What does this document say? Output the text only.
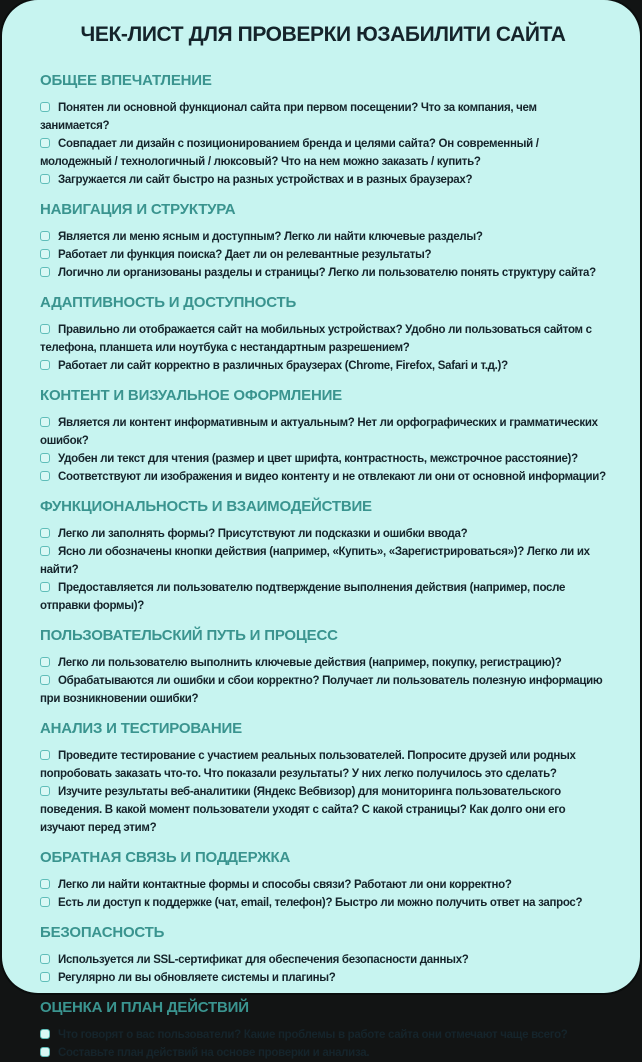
ЧЕК-ЛИСТ ДЛЯ ПРОВЕРКИ ЮЗАБИЛИТИ САЙТА
ОБЩЕЕ ВПЕЧАТЛЕНИЕ

Понятен ли основной функционал сайта при первом посещении? Что за компания, чем занимается?

Совпадает ли дизайн с позиционированием бренда и целями сайта? Он современный / молодежный / технологичный / люксовый? Что на нем можно заказать / купить?

Загружается ли сайт быстро на разных устройствах и в разных браузерах?

НАВИГАЦИЯ И СТРУКТУРА

Является ли меню ясным и доступным? Легко ли найти ключевые разделы?

Работает ли функция поиска? Дает ли он релевантные результаты?

Логично ли организованы разделы и страницы? Легко ли пользователю понять структуру сайта?

АДАПТИВНОСТЬ И ДОСТУПНОСТЬ

Правильно ли отображается сайт на мобильных устройствах? Удобно ли пользоваться сайтом с телефона, планшета или ноутбука с нестандартным разрешением?

Работает ли сайт корректно в различных браузерах (Chrome, Firefox, Safari и т.д.)?

КОНТЕНТ И ВИЗУАЛЬНОЕ ОФОРМЛЕНИЕ

Является ли контент информативным и актуальным? Нет ли орфографических и грамматических ошибок?

Удобен ли текст для чтения (размер и цвет шрифта, контрастность, межстрочное расстояние)?

Соответствуют ли изображения и видео контенту и не отвлекают ли они от основной информации?

ФУНКЦИОНАЛЬНОСТЬ И ВЗАИМОДЕЙСТВИЕ

Легко ли заполнять формы? Присутствуют ли подсказки и ошибки ввода?

Ясно ли обозначены кнопки действия (например, «Купить», «Зарегистрироваться»)? Легко ли их найти?

Предоставляется ли пользователю подтверждение выполнения действия (например, после отправки формы)?

ПОЛЬЗОВАТЕЛЬСКИЙ ПУТЬ И ПРОЦЕСС

Легко ли пользователю выполнить ключевые действия (например, покупку, регистрацию)?

Обрабатываются ли ошибки и сбои корректно? Получает ли пользователь полезную информацию при возникновении ошибки?

АНАЛИЗ И ТЕСТИРОВАНИЕ

Проведите тестирование с участием реальных пользователей. Попросите друзей или родных попробовать заказать что-то. Что показали результаты? У них легко получилось это сделать?

Изучите результаты веб-аналитики (Яндекс Вебвизор) для мониторинга пользовательского поведения. В какой момент пользователи уходят с сайта? С какой страницы? Как долго они его изучают перед этим?

ОБРАТНАЯ СВЯЗЬ И ПОДДЕРЖКА

Легко ли найти контактные формы и способы связи? Работают ли они корректно?

Есть ли доступ к поддержке (чат, email, телефон)? Быстро ли можно получить ответ на запрос?

БЕЗОПАСНОСТЬ

Используется ли SSL-сертификат для обеспечения безопасности данных?

Регулярно ли вы обновляете системы и плагины?

ОЦЕНКА И ПЛАН ДЕЙСТВИЙ

Что говорят о вас пользователи? Какие проблемы в работе сайта они отмечают чаще всего?

Составьте план действий на основе проверки и анализа.
